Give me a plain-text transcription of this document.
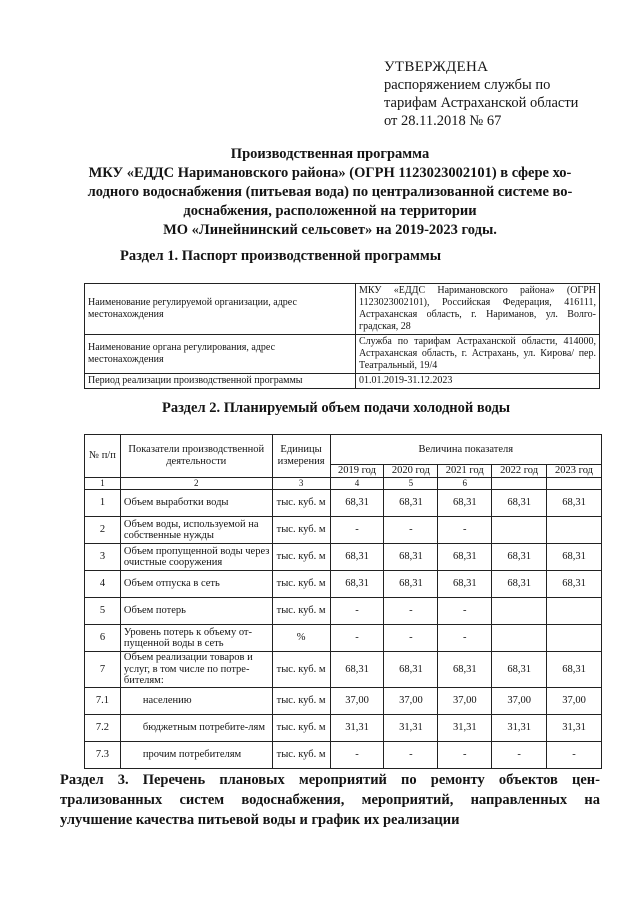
УТВЕРЖДЕНА
распоряжением службы по
тарифам Астраханской области
от 28.11.2018 № 67
Производственная программа
МКУ «ЕДДС Наримановского района» (ОГРН 1123023002101) в сфере хо-
лодного водоснабжения (питьевая вода) по централизованной системе во-
доснабжения, расположенной на территории
МО «Линейнинский сельсовет» на 2019-2023 годы.
Раздел 1. Паспорт производственной программы
Наименование регулируемой организации, адрес местонахождения	МКУ «ЕДДС Наримановского района» (ОГРН 1123023002101), Российская Федерация, 416111, Астраханская область, г. Нариманов, ул. Волго-градская, 28
Наименование органа регулирования, адрес местонахождения	Служба по тарифам Астраханской области, 414000, Астраханская область, г. Астрахань, ул. Кирова/ пер. Театральный, 19/4
Период реализации производственной программы	01.01.2019-31.12.2023
Раздел 2. Планируемый объем подачи холодной воды
№ п/п	Показатели производственной деятельности	Единицы измерения	Величина показателя				
			2019 год	2020 год	2021 год	2022 год	2023 год
1	2	3	4	5	6		
1	Объем выработки воды	тыс. куб. м	68,31	68,31	68,31	68,31	68,31
2	Объем воды, используемой на собственные нужды	тыс. куб. м	-	-	-		
3	Объем пропущенной воды через очистные сооружения	тыс. куб. м	68,31	68,31	68,31	68,31	68,31
4	Объем отпуска в сеть	тыс. куб. м	68,31	68,31	68,31	68,31	68,31
5	Объем потерь	тыс. куб. м	-	-	-		
6	Уровень потерь к объему от-пущенной воды в сеть	%	-	-	-		
7	Объем реализации товаров и услуг, в том числе по потре-бителям:	тыс. куб. м	68,31	68,31	68,31	68,31	68,31
7.1	населению	тыс. куб. м	37,00	37,00	37,00	37,00	37,00
7.2	бюджетным потребите-лям	тыс. куб. м	31,31	31,31	31,31	31,31	31,31
7.3	прочим потребителям	тыс. куб. м	-	-	-	-	-
Раздел 3. Перечень плановых мероприятий по ремонту объектов цен-трализованных систем водоснабжения, мероприятий, направленных на улучшение качества питьевой воды и график их реализации
